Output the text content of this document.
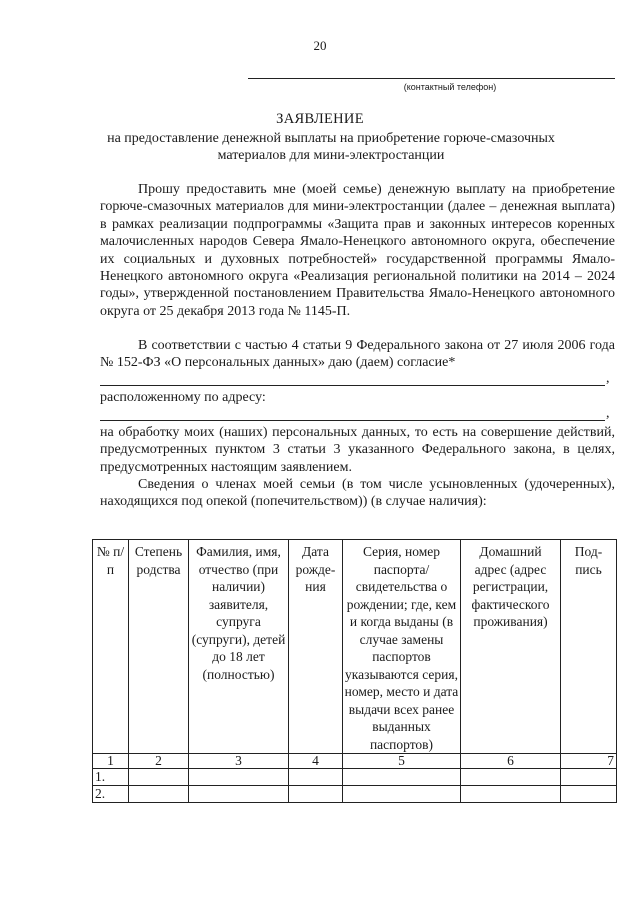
20
(контактный телефон)
ЗАЯВЛЕНИЕ
на предоставление денежной выплаты на приобретение горюче-смазочных
материалов для мини-электростанции
Прошу предоставить мне (моей семье) денежную выплату на приобретение горюче-смазочных материалов для мини-электростанции (далее – денежная выплата) в рамках реализации подпрограммы «Защита прав и законных интересов коренных малочисленных народов Севера Ямало-Ненецкого автономного округа, обеспечение их социальных и духовных потребностей» государственной программы Ямало-Ненецкого автономного округа «Реализация региональной политики на 2014 – 2024 годы», утвержденной постановлением Правительства Ямало-Ненецкого автономного округа от 25 декабря 2013 года № 1145-П.
В соответствии с частью 4 статьи 9 Федерального закона от 27 июля 2006 года № 152-ФЗ «О персональных данных» даю (даем) согласие*
,
расположенному по адресу:
,
на обработку моих (наших) персональных данных, то есть на совершение действий, предусмотренных пунктом 3 статьи 3 указанного Федерального закона, в целях, предусмотренных настоящим заявлением.
Сведения о членах моей семьи (в том числе усыновленных (удочеренных), находящихся под опекой (попечительством)) (в случае наличия):
№ п/п	Степень родства	Фамилия, имя, отчество (при наличии) заявителя, супруга (супруги), детей до 18 лет (полностью)	Дата рожде-ния	Серия, номер паспорта/ свидетельства о рождении; где, кем и когда выданы (в случае замены паспортов указываются серия, номер, место и дата выдачи всех ранее выданных паспортов)	Домашний адрес (адрес регистрации, фактического проживания)	Под-пись
1	2	3	4	5	6	7
1.						
2.						
